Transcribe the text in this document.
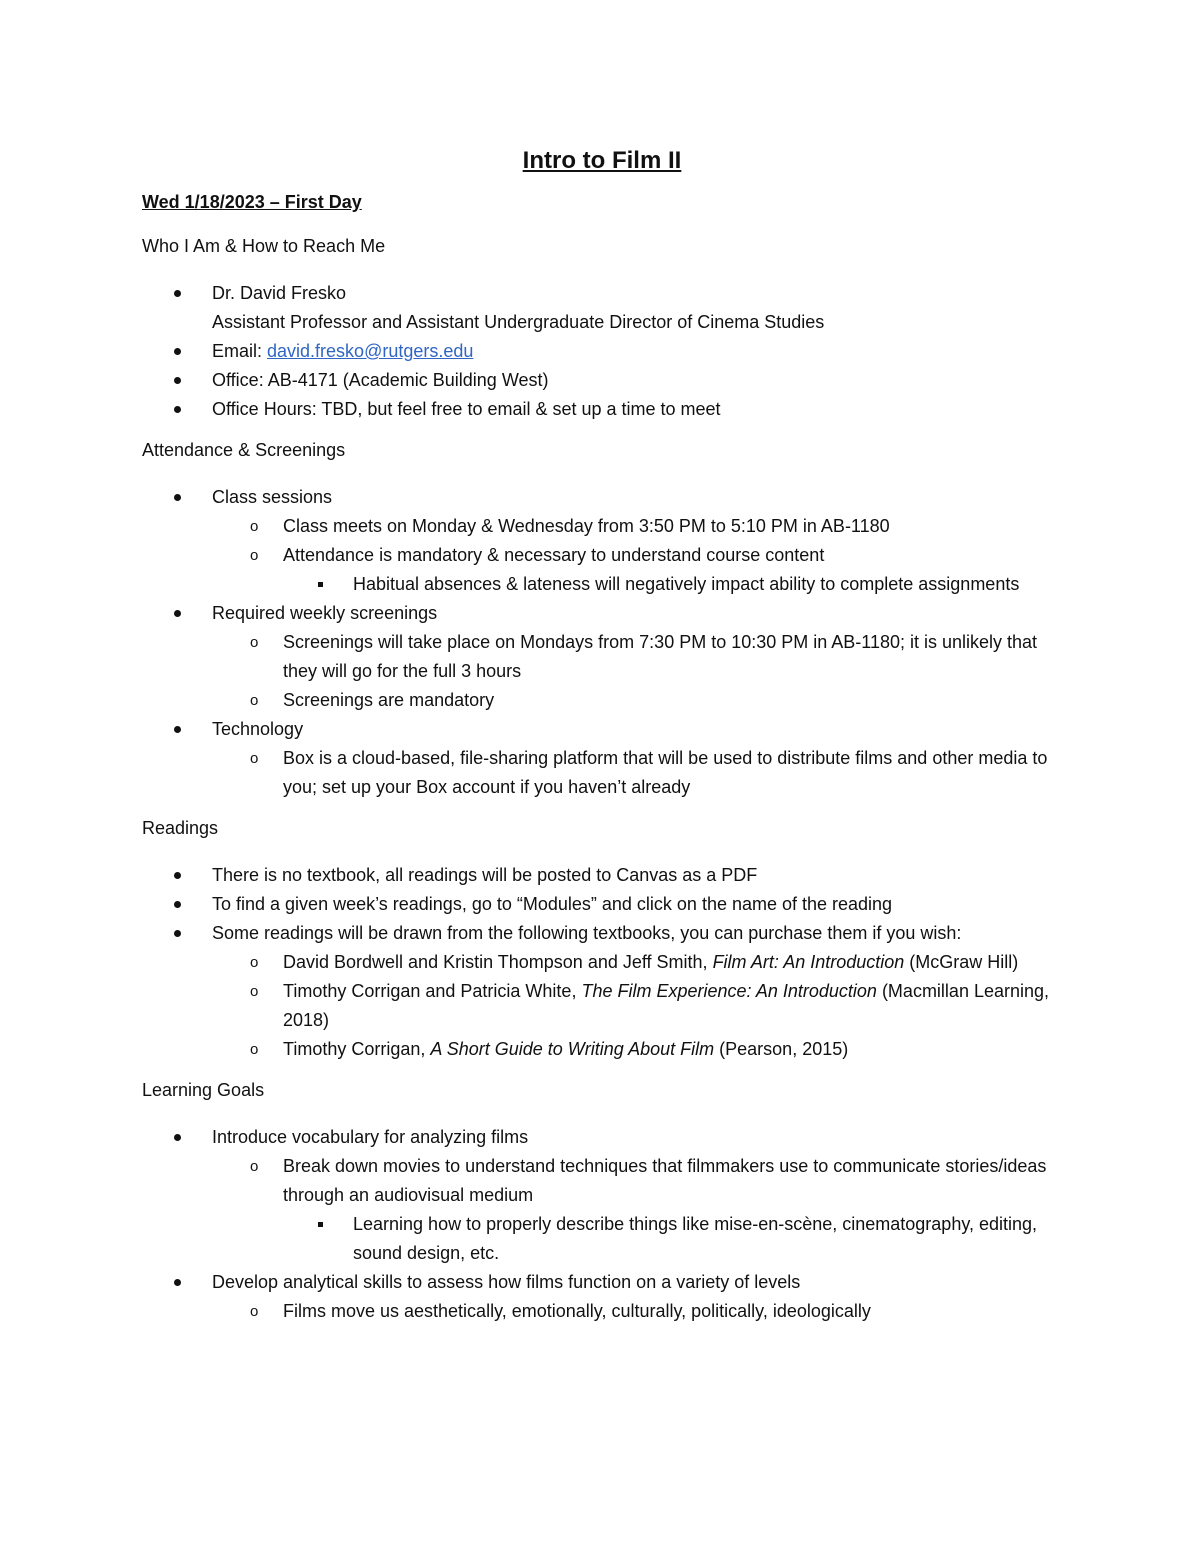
Intro to Film II
Wed 1/18/2023 – First Day
Who I Am & How to Reach Me
Dr. David Fresko
Assistant Professor and Assistant Undergraduate Director of Cinema Studies
Email: david.fresko@rutgers.edu
Office: AB-4171 (Academic Building West)
Office Hours: TBD, but feel free to email & set up a time to meet
Attendance & Screenings
Class sessions
o Class meets on Monday & Wednesday from 3:50 PM to 5:10 PM in AB-1180
o Attendance is mandatory & necessary to understand course content
Habitual absences & lateness will negatively impact ability to complete assignments
Required weekly screenings
o Screenings will take place on Mondays from 7:30 PM to 10:30 PM in AB-1180; it is unlikely that they will go for the full 3 hours
o Screenings are mandatory
Technology
o Box is a cloud-based, file-sharing platform that will be used to distribute films and other media to you; set up your Box account if you haven’t already
Readings
There is no textbook, all readings will be posted to Canvas as a PDF
To find a given week’s readings, go to “Modules” and click on the name of the reading
Some readings will be drawn from the following textbooks, you can purchase them if you wish:
o David Bordwell and Kristin Thompson and Jeff Smith, Film Art: An Introduction (McGraw Hill)
o Timothy Corrigan and Patricia White, The Film Experience: An Introduction (Macmillan Learning, 2018)
o Timothy Corrigan, A Short Guide to Writing About Film (Pearson, 2015)
Learning Goals
Introduce vocabulary for analyzing films
o Break down movies to understand techniques that filmmakers use to communicate stories/ideas through an audiovisual medium
Learning how to properly describe things like mise-en-scène, cinematography, editing, sound design, etc.
Develop analytical skills to assess how films function on a variety of levels
o Films move us aesthetically, emotionally, culturally, politically, ideologically
